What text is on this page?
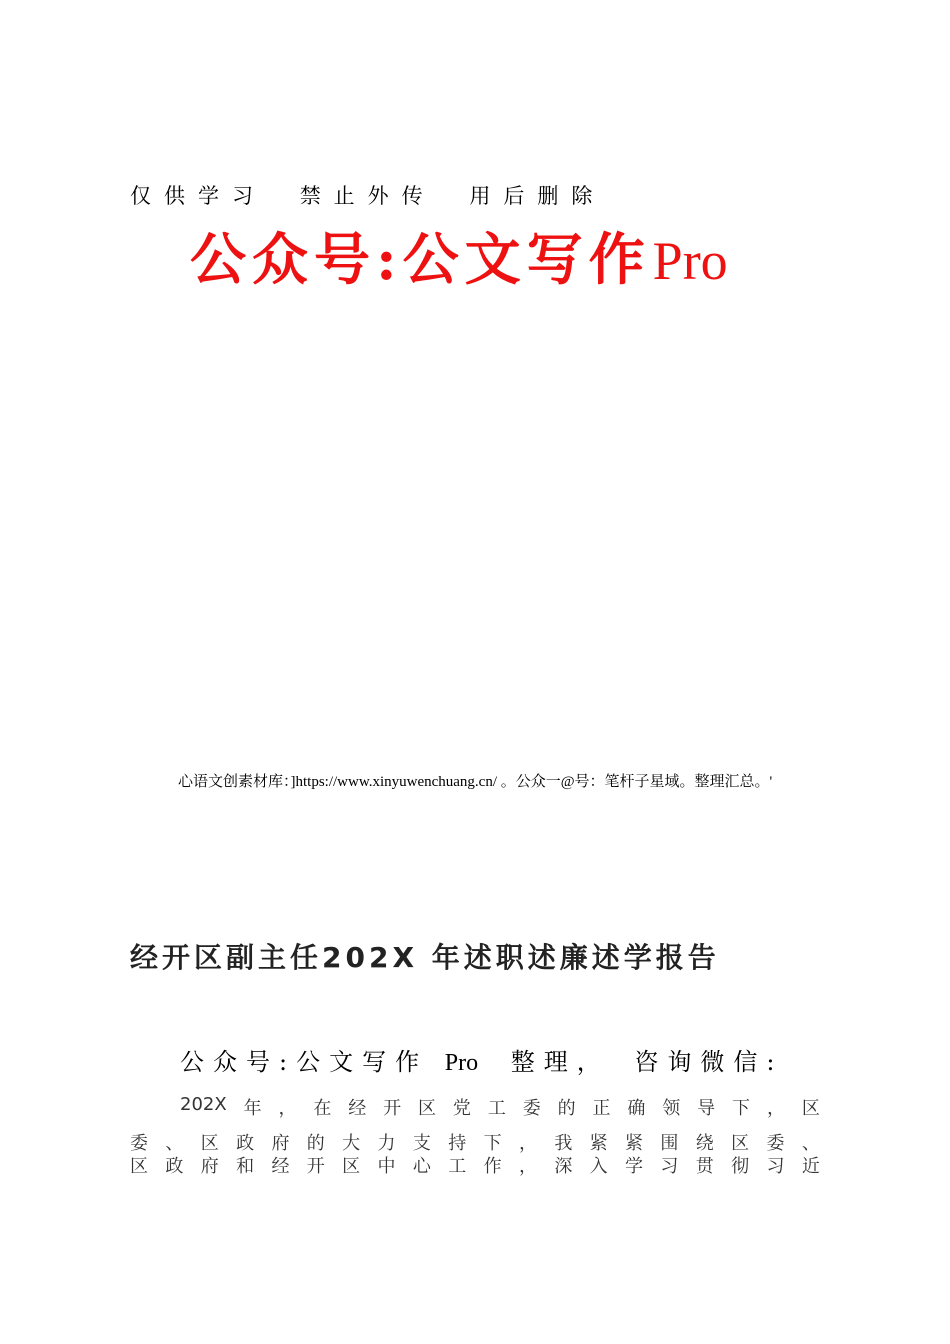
仅供学习 禁止外传 用后删除
公众号:公文写作Pro
心语文创素材库：]https://www.xinyuwenchuang.cn/ 。公众一@号：笔杆子星域。整理汇总。'
经开区副主任202X 年述职述廉述学报告
公众号:公文写作 Pro 整理， 咨询微信:
202X 年 ， 在 经 开 区 党 工 委 的 正 确 领 导 下 ， 区
委 、 区 政 府 的 大 力 支 持 下 ， 我 紧 紧 围 绕 区 委 、
区 政 府 和 经 开 区 中 心 工 作 ， 深 入 学 习 贯 彻 习 近
